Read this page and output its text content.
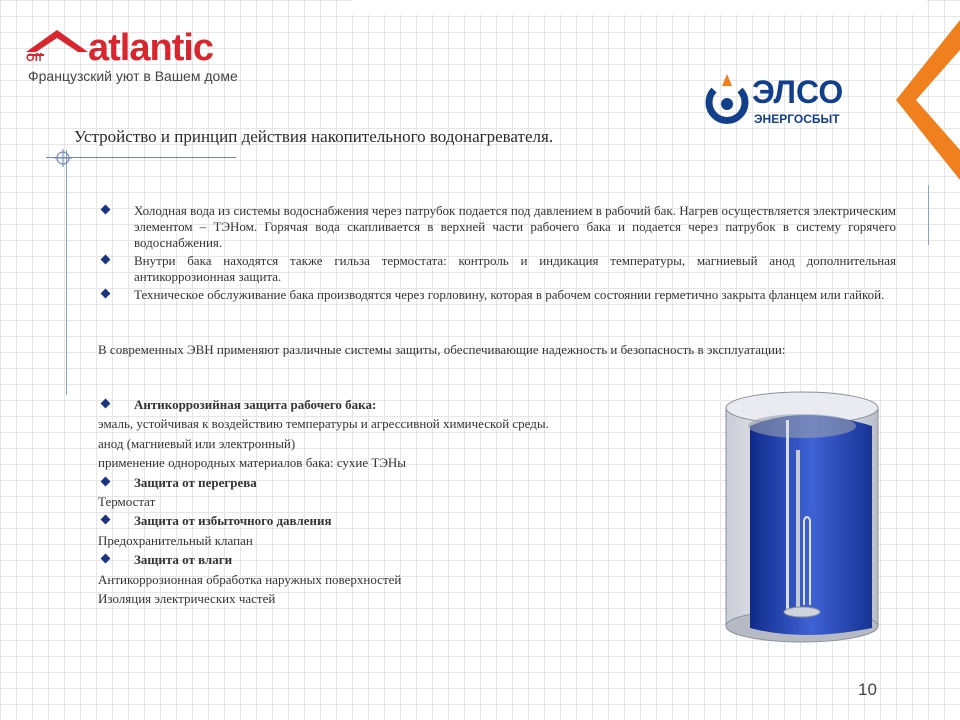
Off atlantic
Французский уют в Вашем доме	ЭЛСО
ЭНЕРГОСБЫТ
Устройство и принцип действия накопительного водонагревателя.
Холодная вода из системы водоснабжения через патрубок подается под давлением в рабочий бак. Нагрев осуществляется электрическим элементом – ТЭНом. Горячая вода скапливается в верхней части рабочего бака и подается через патрубок в систему горячего водоснабжения.
Внутри бака находятся также гильза термостата: контроль и индикация температуры, магниевый анод дополнительная антикоррозионная защита.
Техническое обслуживание бака производятся через горловину, которая в рабочем состоянии герметично закрыта фланцем или гайкой.
В современных ЭВН применяют различные системы защиты, обеспечивающие надежность и безопасность в эксплуатации:
Антикоррозийная защита рабочего бака:
эмаль, устойчивая к воздействию температуры и агрессивной химической среды.
анод (магниевый или электронный)
применение однородных материалов бака: сухие ТЭНы
Защита от перегрева
Термостат
Защита от избыточного давления
Предохранительный клапан
Защита от влаги
Антикоррозионная обработка наружных поверхностей
Изоляция электрических частей
10
